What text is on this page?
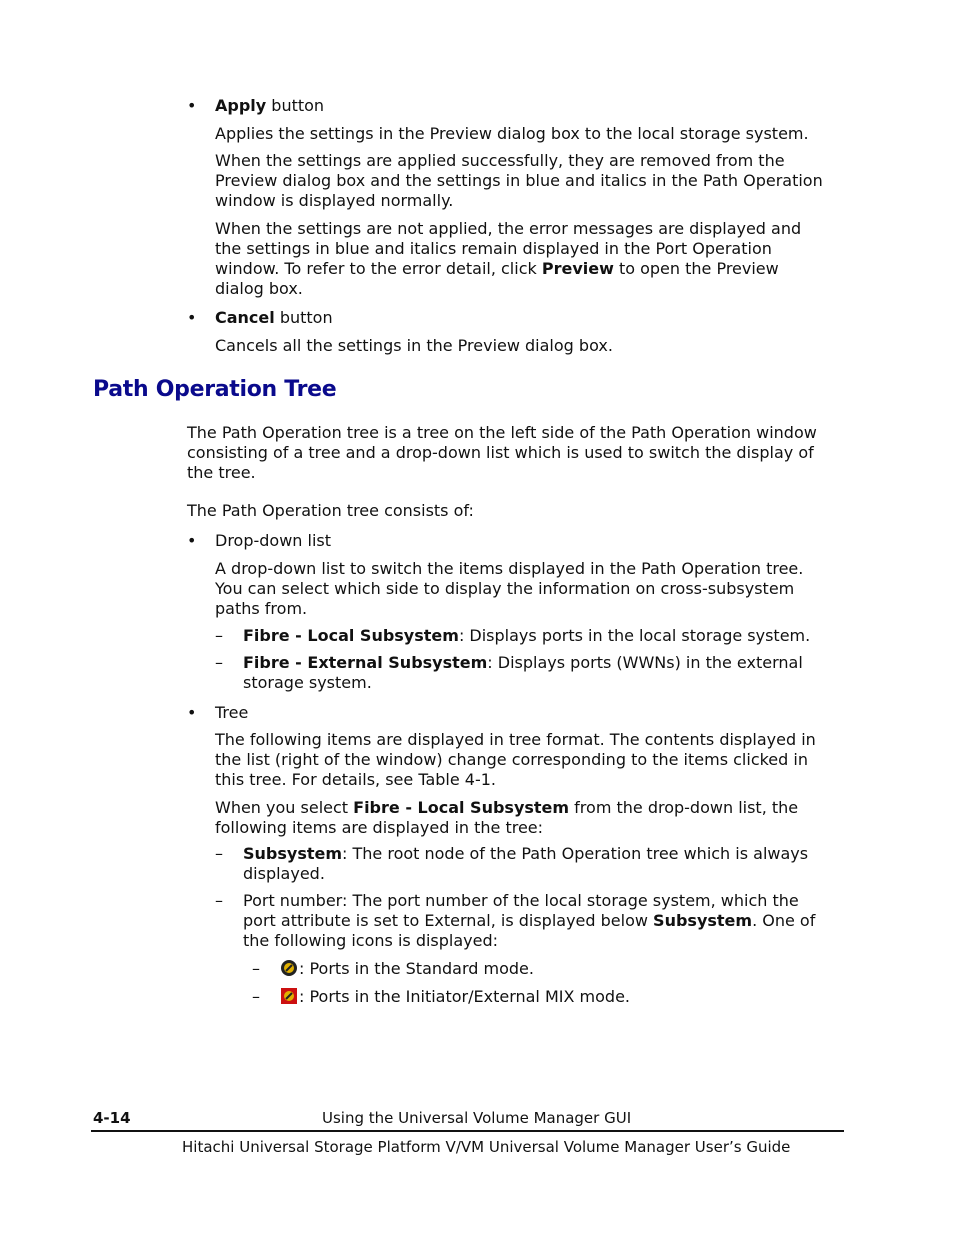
• Apply button
Applies the settings in the Preview dialog box to the local storage system.
When the settings are applied successfully, they are removed from the
Preview dialog box and the settings in blue and italics in the Path Operation
window is displayed normally.
When the settings are not applied, the error messages are displayed and
the settings in blue and italics remain displayed in the Port Operation
window. To refer to the error detail, click Preview to open the Preview
dialog box.
• Cancel button
Cancels all the settings in the Preview dialog box.
Path Operation Tree
The Path Operation tree is a tree on the left side of the Path Operation window
consisting of a tree and a drop-down list which is used to switch the display of
the tree.
The Path Operation tree consists of:
• Drop-down list
A drop-down list to switch the items displayed in the Path Operation tree.
You can select which side to display the information on cross-subsystem
paths from.
– Fibre - Local Subsystem: Displays ports in the local storage system.
– Fibre - External Subsystem: Displays ports (WWNs) in the external
storage system.
• Tree
The following items are displayed in tree format. The contents displayed in
the list (right of the window) change corresponding to the items clicked in
this tree. For details, see Table 4-1.
When you select Fibre - Local Subsystem from the drop-down list, the
following items are displayed in the tree:
– Subsystem: The root node of the Path Operation tree which is always
displayed.
– Port number: The port number of the local storage system, which the
port attribute is set to External, is displayed below Subsystem. One of
the following icons is displayed:
–	: Ports in the Standard mode.
–	: Ports in the Initiator/External MIX mode.
4-14	Using the Universal Volume Manager GUI
Hitachi Universal Storage Platform V/VM Universal Volume Manager User’s Guide
